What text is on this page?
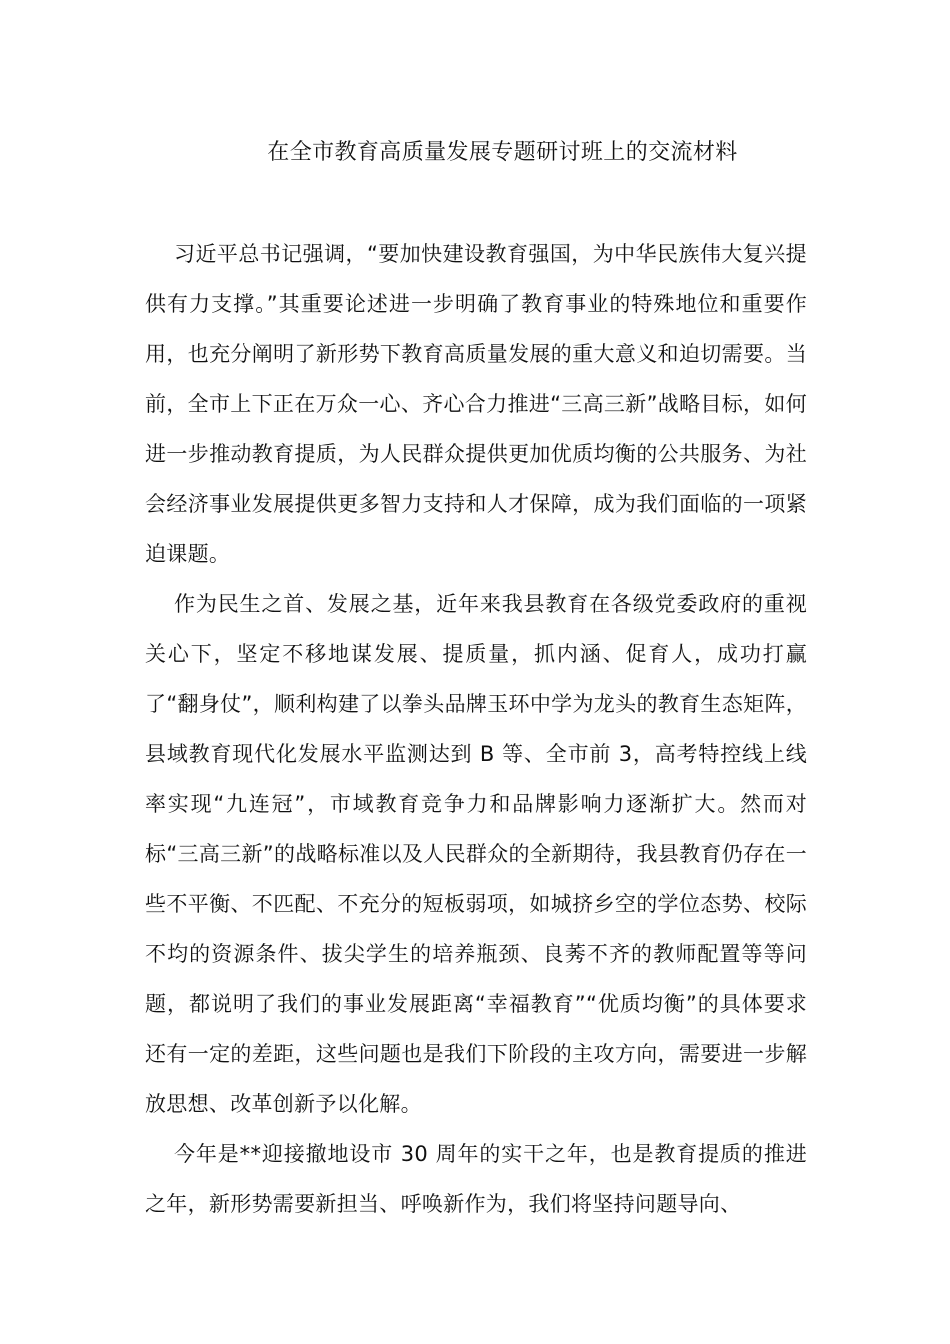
在全市教育高质量发展专题研讨班上的交流材料

习近平总书记强调，“要加快建设教育强国，为中华民族伟大复兴提供有力支撑。”其重要论述进一步明确了教育事业的特殊地位和重要作用，也充分阐明了新形势下教育高质量发展的重大意义和迫切需要。当前，全市上下正在万众一心、齐心合力推进“三高三新”战略目标，如何进一步推动教育提质，为人民群众提供更加优质均衡的公共服务、为社会经济事业发展提供更多智力支持和人才保障，成为我们面临的一项紧迫课题。

作为民生之首、发展之基，近年来我县教育在各级党委政府的重视关心下，坚定不移地谋发展、提质量，抓内涵、促育人，成功打赢了“翻身仗”，顺利构建了以拳头品牌玉环中学为龙头的教育生态矩阵，县域教育现代化发展水平监测达到 B 等、全市前 3，高考特控线上线率实现“九连冠”，市域教育竞争力和品牌影响力逐渐扩大。然而对标“三高三新”的战略标准以及人民群众的全新期待，我县教育仍存在一些不平衡、不匹配、不充分的短板弱项，如城挤乡空的学位态势、校际不均的资源条件、拔尖学生的培养瓶颈、良莠不齐的教师配置等等问题，都说明了我们的事业发展距离“幸福教育”“优质均衡”的具体要求还有一定的差距，这些问题也是我们下阶段的主攻方向，需要进一步解放思想、改革创新予以化解。

今年是**迎接撤地设市 30 周年的实干之年，也是教育提质的推进之年，新形势需要新担当、呼唤新作为，我们将坚持问题导向、
